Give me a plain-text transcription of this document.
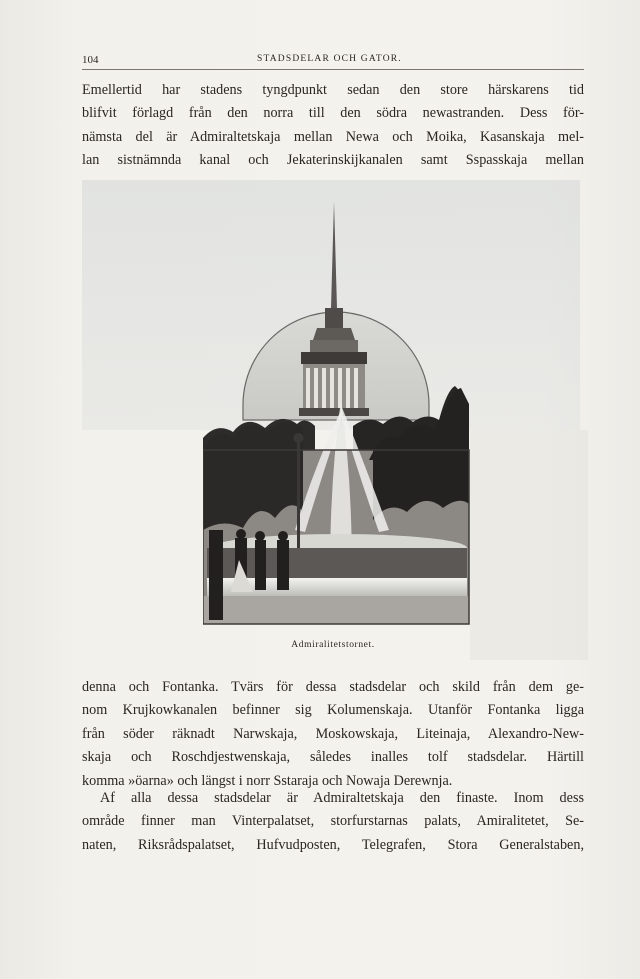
104	STADSDELAR OCH GATOR.
Emellertid har stadens tyngdpunkt sedan den store härskarens tid
blifvit förlagd från den norra till den södra newastranden. Dess för-
nämsta del är Admiraltetskaja mellan Newa och Moika, Kasanskaja mel-
lan sistnämnda kanal och Jekaterinskijkanalen samt Sspasskaja mellan
Admiralitetstornet.
denna och Fontanka. Tvärs för dessa stadsdelar och skild från dem ge-
nom Krujkowkanalen befinner sig Kolumenskaja. Utanför Fontanka ligga
från söder räknadt Narwskaja, Moskowskaja, Liteinaja, Alexandro-New-
skaja och Roschdjestwenskaja, således inalles tolf stadsdelar. Härtill
komma »öarna» och längst i norr Sstaraja och Nowaja Derewnja.
Af alla dessa stadsdelar är Admiraltetskaja den finaste. Inom dess
område finner man Vinterpalatset, storfurstarnas palats, Amiralitetet, Se-
naten, Riksrådspalatset, Hufvudposten, Telegrafen, Stora Generalstaben,
